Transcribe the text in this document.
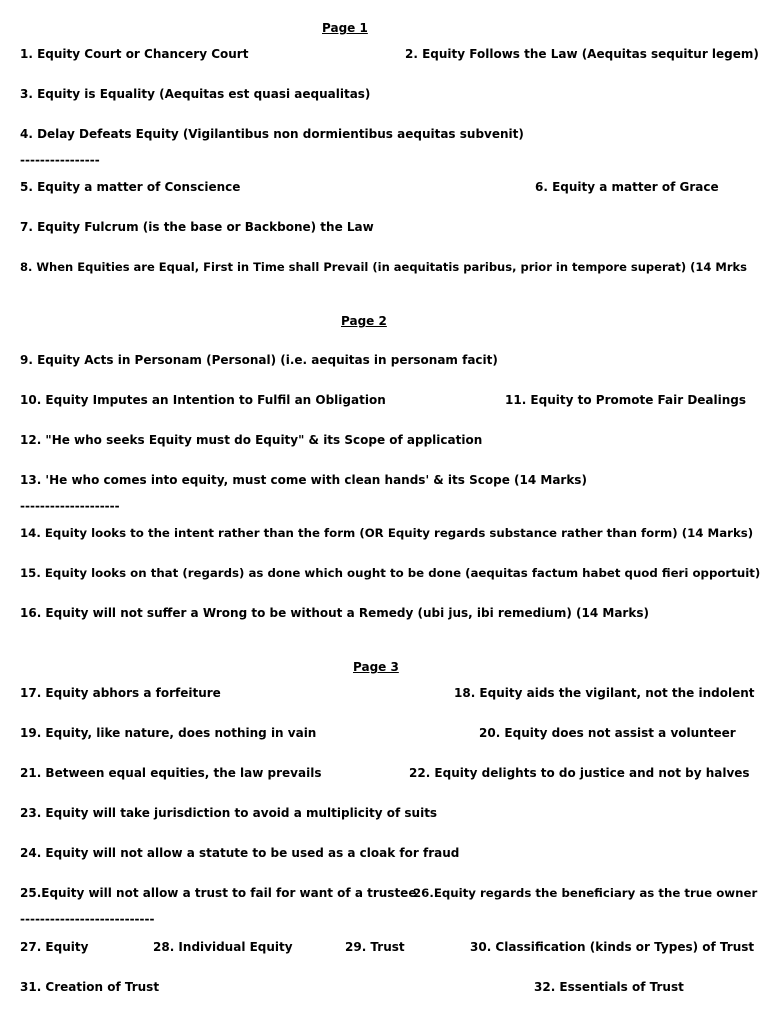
Page 1
1. Equity Court or Chancery Court	2. Equity Follows the Law (Aequitas sequitur legem)
3. Equity is Equality (Aequitas est quasi aequalitas)
4. Delay Defeats Equity (Vigilantibus non dormientibus aequitas subvenit)
----------------
5. Equity a matter of Conscience	6. Equity a matter of Grace
7. Equity Fulcrum (is the base or Backbone) the Law
8. When Equities are Equal, First in Time shall Prevail (in aequitatis paribus, prior in tempore superat) (14 Mrks
Page 2
9. Equity Acts in Personam (Personal) (i.e. aequitas in personam facit)
10. Equity Imputes an Intention to Fulfil an Obligation	11. Equity to Promote Fair Dealings
12. "He who seeks Equity must do Equity" & its Scope of application
13. 'He who comes into equity, must come with clean hands' & its Scope (14 Marks)
--------------------
14. Equity looks to the intent rather than the form (OR Equity regards substance rather than form) (14 Marks)
15. Equity looks on that (regards) as done which ought to be done (aequitas factum habet quod fieri opportuit)
16. Equity will not suffer a Wrong to be without a Remedy (ubi jus, ibi remedium) (14 Marks)
Page 3
17. Equity abhors a forfeiture	18. Equity aids the vigilant, not the indolent
19. Equity, like nature, does nothing in vain	20. Equity does not assist a volunteer
21. Between equal equities, the law prevails	22. Equity delights to do justice and not by halves
23. Equity will take jurisdiction to avoid a multiplicity of suits
24. Equity will not allow a statute to be used as a cloak for fraud
25.Equity will not allow a trust to fail for want of a trustee
26.Equity regards the beneficiary as the true owner
---------------------------
27. Equity	28. Individual Equity	29. Trust	30. Classification (kinds or Types) of Trust
31. Creation of Trust	32. Essentials of Trust
